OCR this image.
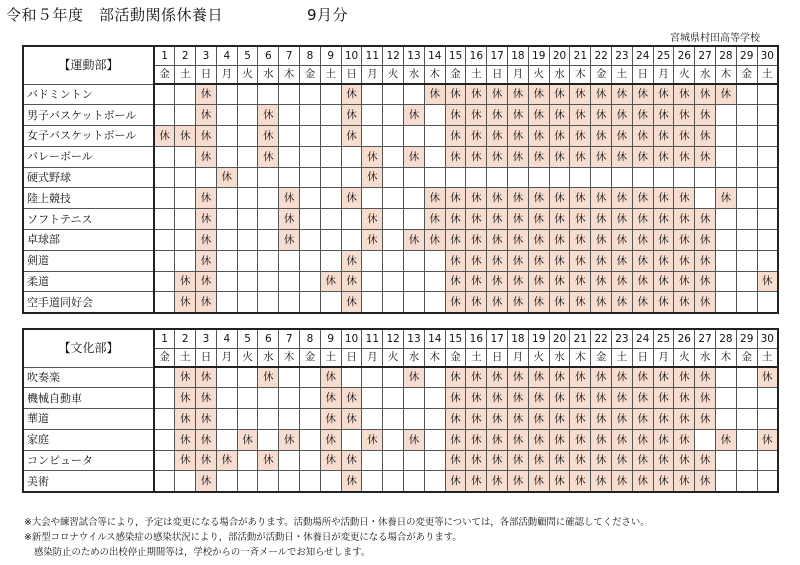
令和５年度　部活動関係休養日	9月分
宮城県村田高等学校
【運動部】	1	2	3	4	5	6	7	8	9	10	11	12	13	14	15	16	17	18	19	20	21	22	23	24	25	26	27	28	29	30
	金	土	日	月	火	水	木	金	土	日	月	火	水	木	金	土	日	月	火	水	木	金	土	日	月	火	水	木	金	土
バドミントン			休							休				休	休	休	休	休	休	休	休	休	休	休	休	休	休	休		
男子バスケットボール			休			休				休			休		休	休	休	休	休	休	休	休	休	休	休	休	休			
女子バスケットボール	休	休	休			休				休					休	休	休	休	休	休	休	休	休	休	休	休	休			
バレーボール			休			休					休		休		休	休	休	休	休	休	休	休	休	休	休	休	休			
硬式野球				休							休																			
陸上競技			休				休			休				休	休	休	休	休	休	休	休	休	休	休	休	休		休		
ソフトテニス			休				休				休			休	休	休	休	休	休	休	休	休	休	休	休	休	休			
卓球部			休				休				休		休	休	休	休	休	休	休	休	休	休	休	休	休	休	休			
剣道			休							休					休	休	休	休	休	休	休	休	休	休	休	休	休			
柔道		休	休						休	休					休	休	休	休	休	休	休	休	休	休	休	休	休			休
空手道同好会		休	休							休					休	休	休	休	休	休	休	休	休	休	休	休	休			
【文化部】	1	2	3	4	5	6	7	8	9	10	11	12	13	14	15	16	17	18	19	20	21	22	23	24	25	26	27	28	29	30
	金	土	日	月	火	水	木	金	土	日	月	火	水	木	金	土	日	月	火	水	木	金	土	日	月	火	水	木	金	土
吹奏楽		休	休			休			休				休		休	休	休	休	休	休	休	休	休	休	休	休	休			休
機械自動車		休	休						休	休					休	休	休	休	休	休	休	休	休	休	休	休	休			
華道		休	休						休	休					休	休	休	休	休	休	休	休	休	休	休	休	休			
家庭		休	休		休		休		休		休		休		休	休	休	休	休	休	休	休	休	休	休	休		休		休
コンピュータ		休	休	休		休			休	休					休	休	休	休	休	休	休	休	休	休	休	休	休			
美術			休							休					休	休	休	休	休	休	休	休	休	休	休	休	休			
※大会や練習試合等により，予定は変更になる場合があります。活動場所や活動日・休養日の変更等については，各部活動顧問に確認してください。
※新型コロナウイルス感染症の感染状況により，部活動が活動日・休養日が変更になる場合があります。
感染防止のための出校停止期間等は，学校からの一斉メールでお知らせします。
